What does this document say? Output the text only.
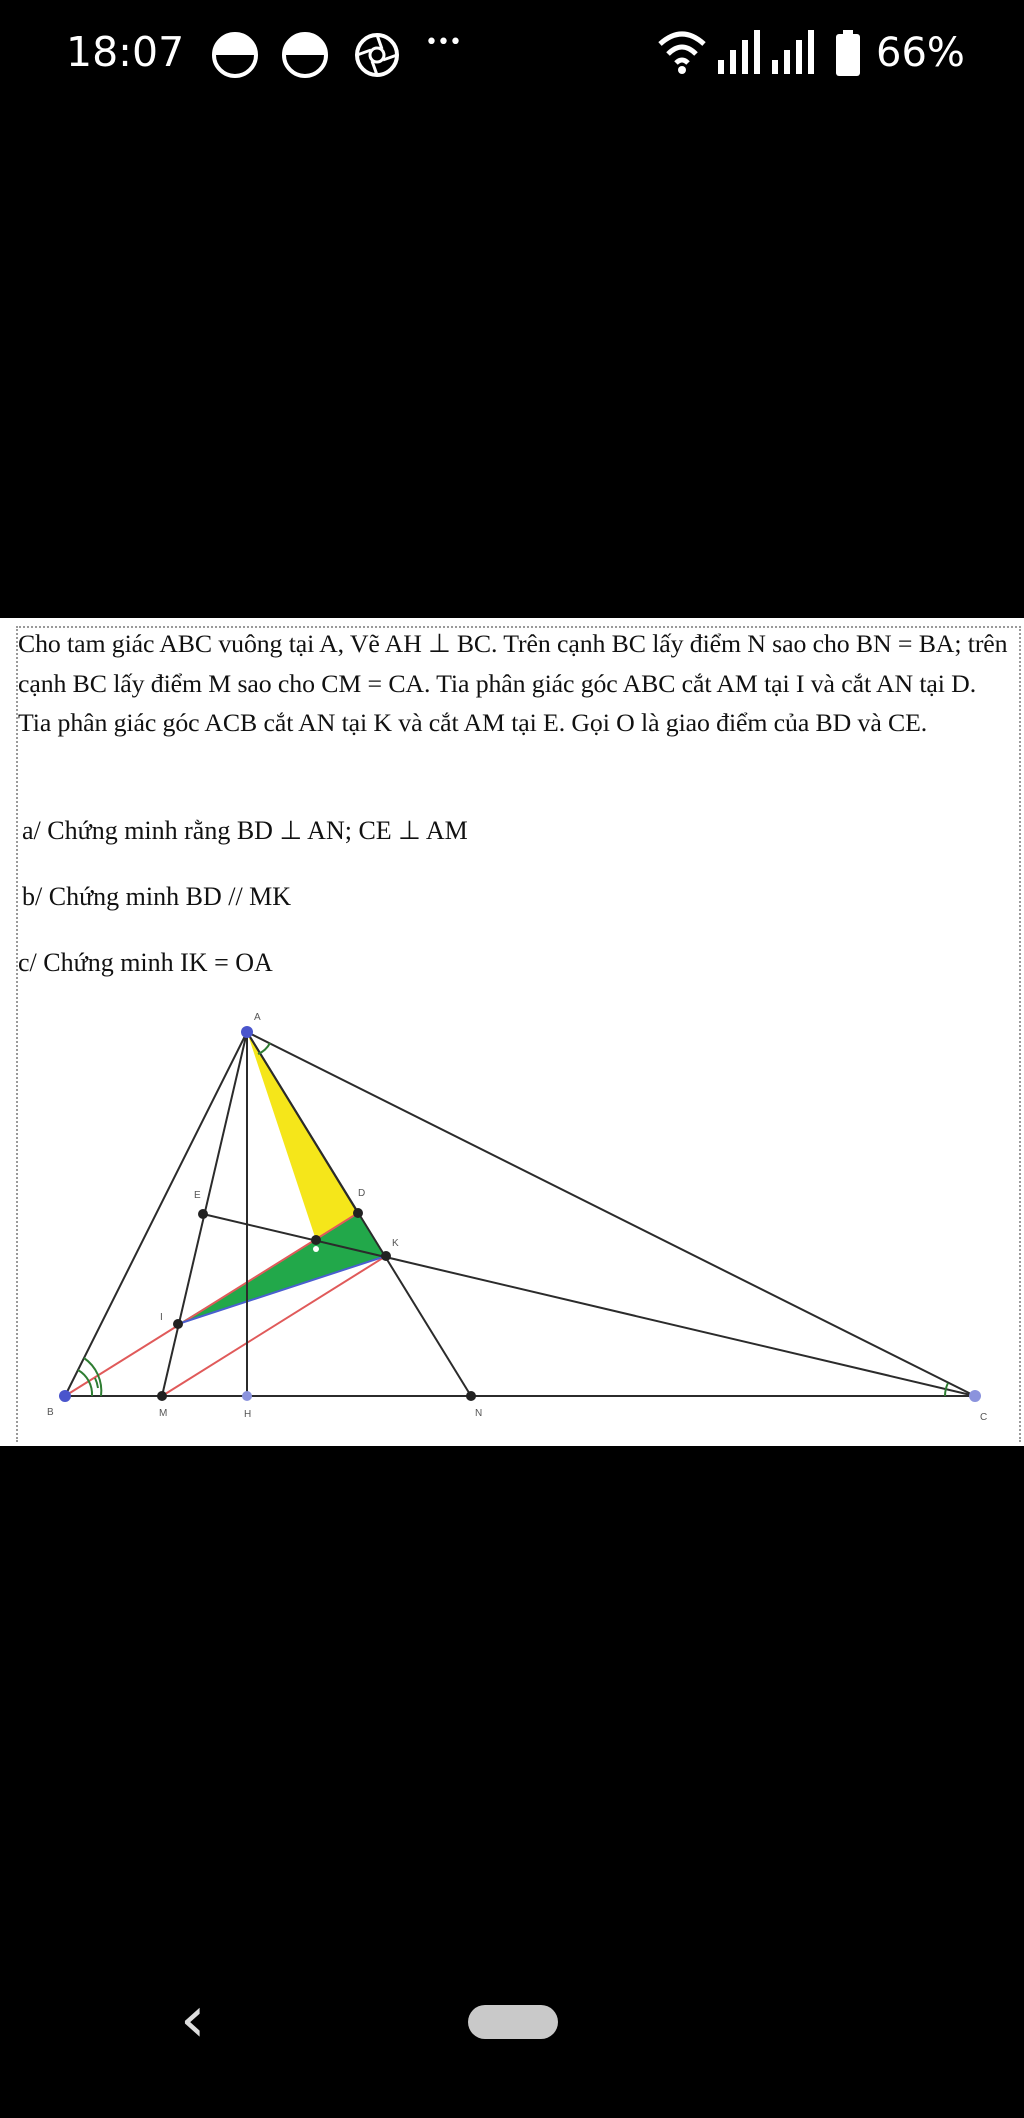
18:07	•••	66%

Cho tam giác ABC vuông tại A, Vẽ AH ⊥ BC. Trên cạnh BC lấy điểm N sao cho BN = BA; trên cạnh BC lấy điểm M sao cho CM = CA. Tia phân giác góc ABC cắt AM tại I và cắt AN tại D. Tia phân giác góc ACB cắt AN tại K và cắt AM tại E. Gọi O là giao điểm của BD và CE.

a/ Chứng minh rằng BD ⊥ AN; CE ⊥ AM
b/ Chứng minh BD // MK
c/ Chứng minh IK = OA
A
B	C
D
E
H
I
K
M	N
‹
